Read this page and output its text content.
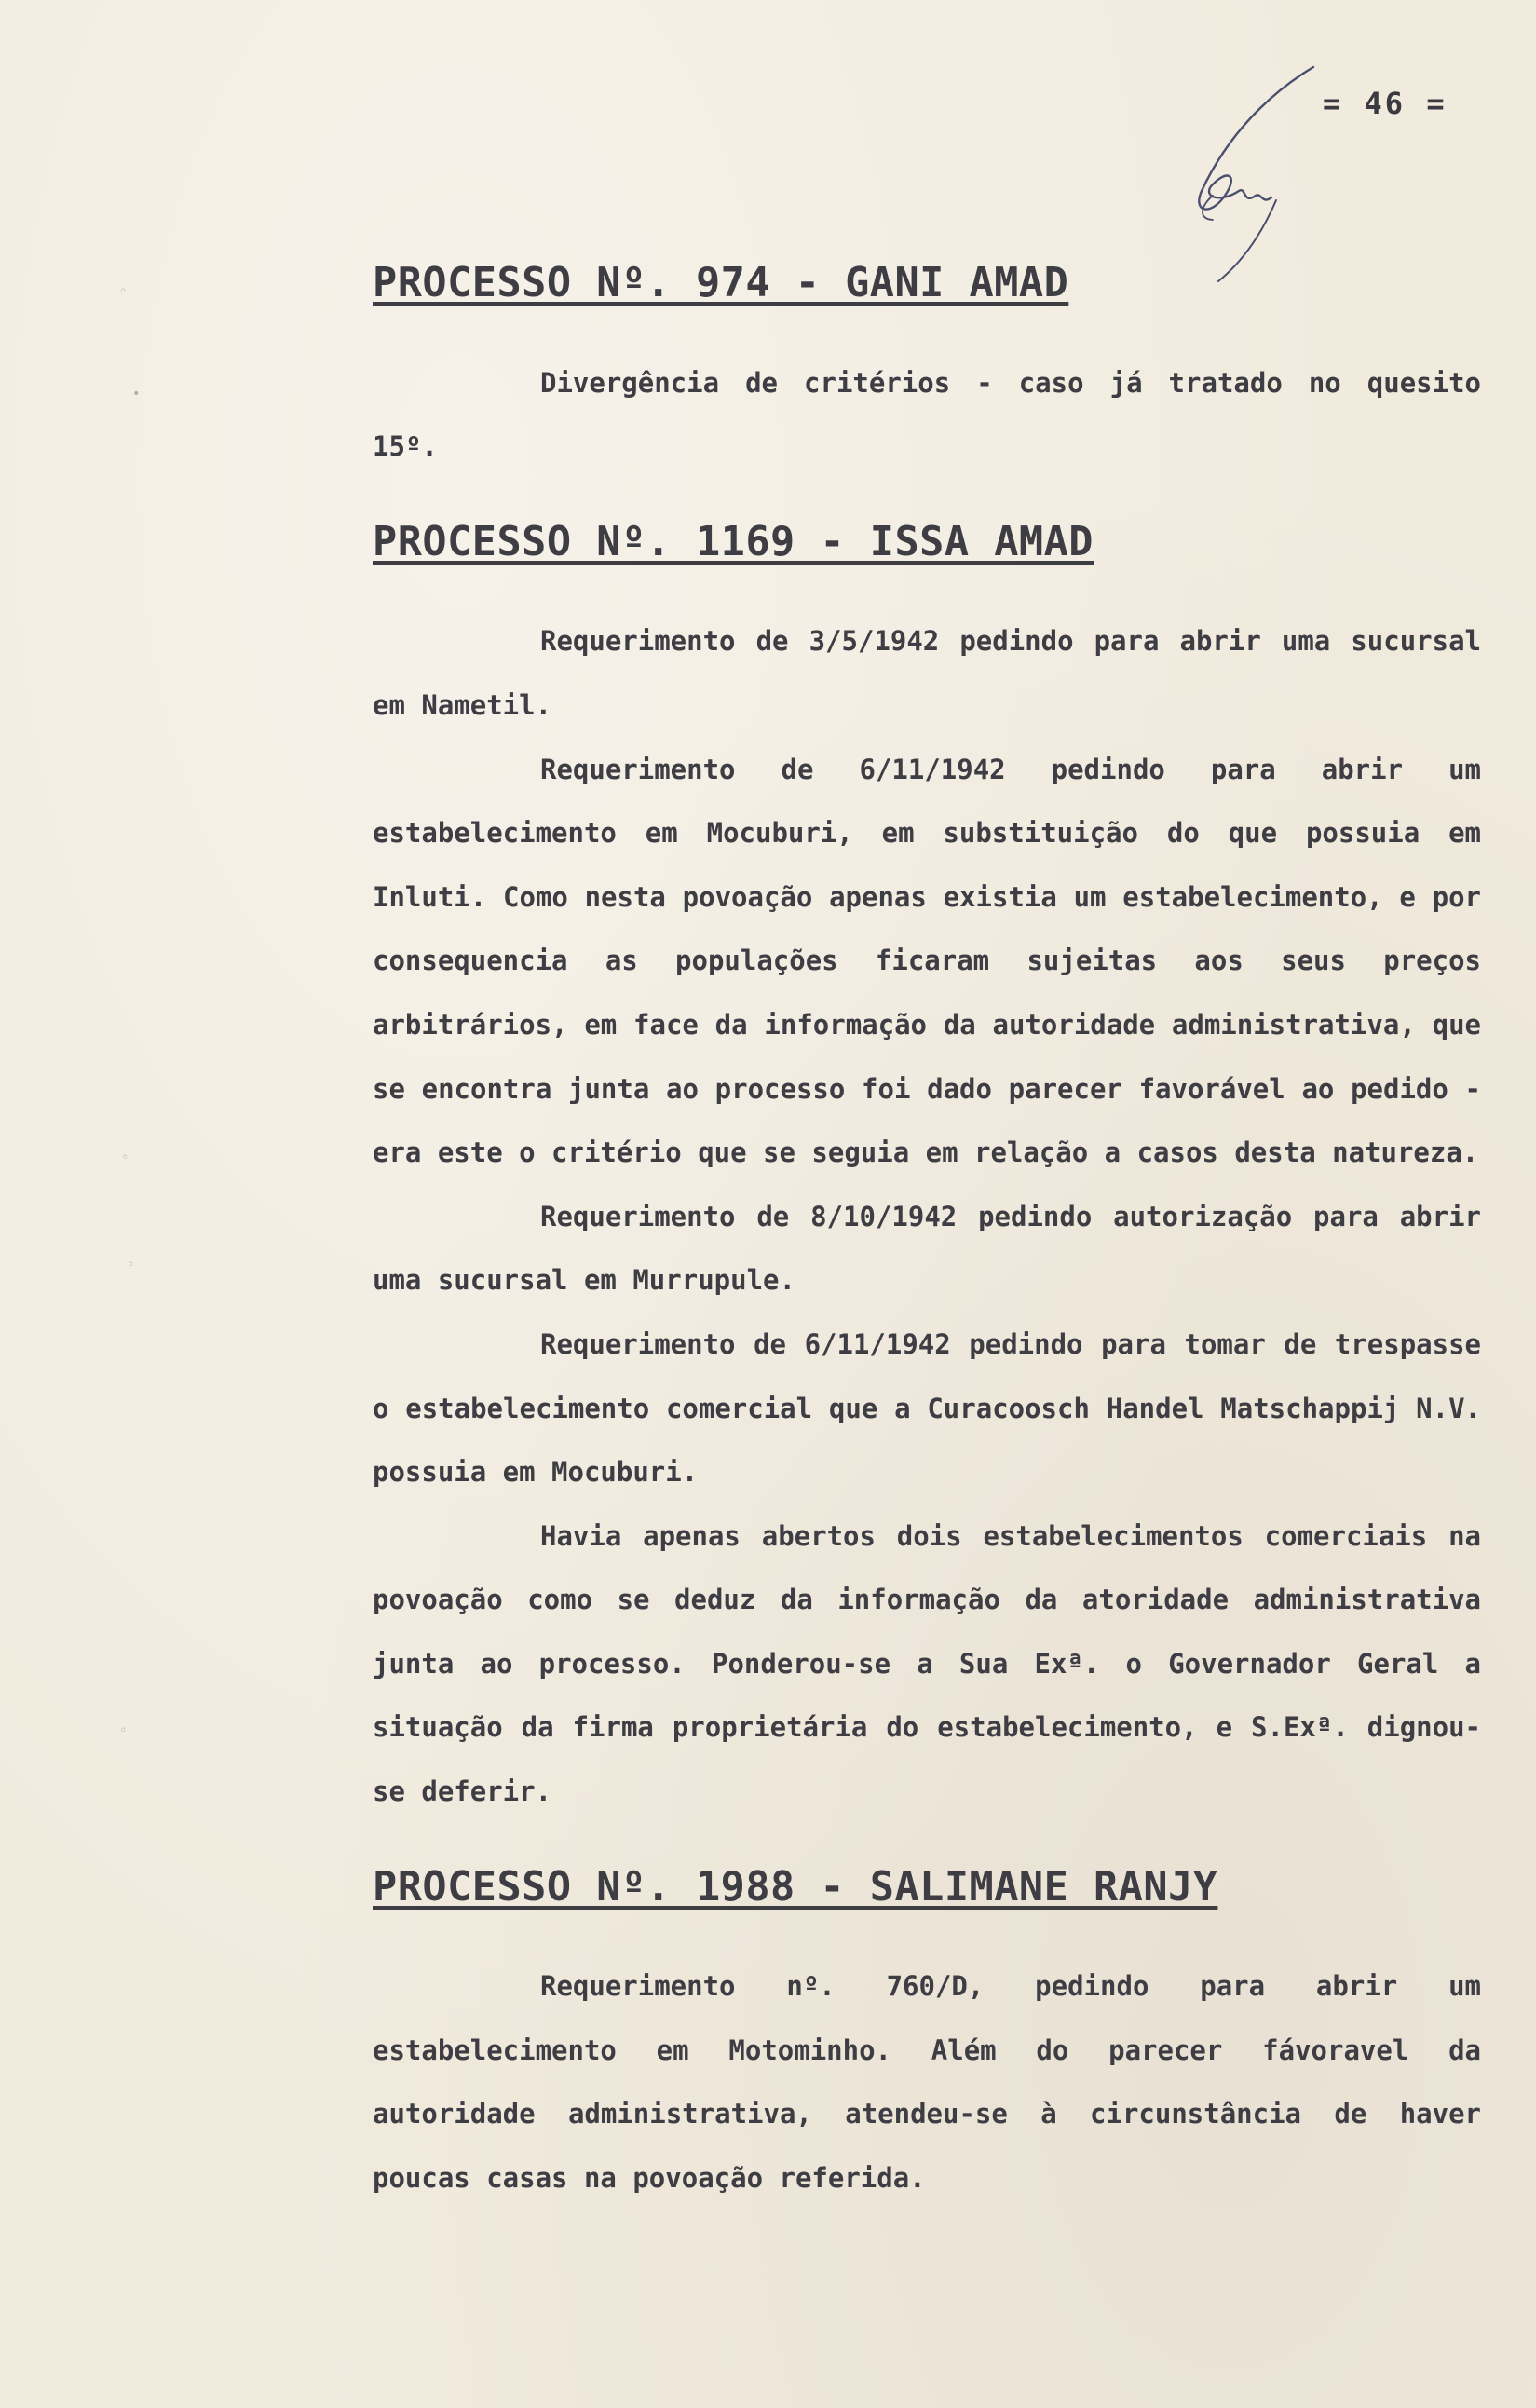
◦
•
◦
◦
◦
= 46 =
PROCESSO Nº. 974 - GANI AMAD

Divergência de critérios - caso já tratado no quesito 15º.

PROCESSO Nº. 1169 - ISSA AMAD

Requerimento de 3/5/1942 pedindo para abrir uma sucursal em Nametil.

Requerimento de 6/11/1942 pedindo para abrir um estabelecimento em Mocuburi, em substituição do que possuia em Inluti. Como nesta povoação apenas existia um estabelecimento, e por consequencia as populações ficaram sujeitas aos seus preços arbitrários, em face da informação da autoridade administrativa, que se encontra junta ao processo foi dado parecer favorável ao pedido - era este o critério que se seguia em relação a casos desta natureza.

Requerimento de 8/10/1942 pedindo autorização para abrir uma sucursal em Murrupule.

Requerimento de 6/11/1942 pedindo para tomar de trespasse o estabelecimento comercial que a Curacoosch Handel Matschappij N.V. possuia em Mocuburi.

Havia apenas abertos dois estabelecimentos comerciais na povoação como se deduz da informação da atoridade administrativa junta ao processo. Ponderou-se a Sua Exª. o Governador Geral a situação da firma proprietária do estabelecimento, e S.Exª. dignou-se deferir.

PROCESSO Nº. 1988 - SALIMANE RANJY

Requerimento nº. 760/D, pedindo para abrir um estabelecimento em Motominho. Além do parecer fávoravel da autoridade administrativa, atendeu-se à circunstância de haver poucas casas na povoação referida.
